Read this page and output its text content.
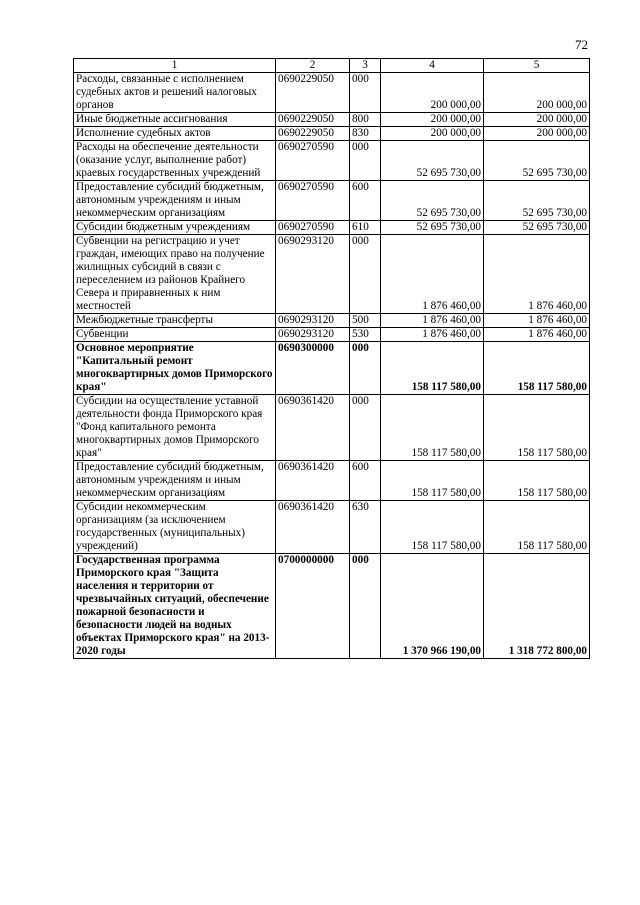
72
1	2	3	4	5
Расходы, связанные с исполнением судебных актов и решений налоговых органов	0690229050	000	200 000,00	200 000,00
Иные бюджетные ассигнования	0690229050	800	200 000,00	200 000,00
Исполнение судебных актов	0690229050	830	200 000,00	200 000,00
Расходы на обеспечение деятельности (оказание услуг, выполнение работ) краевых государственных учреждений	0690270590	000	52 695 730,00	52 695 730,00
Предоставление субсидий бюджетным, автономным учреждениям и иным некоммерческим организациям	0690270590	600	52 695 730,00	52 695 730,00
Субсидии бюджетным учреждениям	0690270590	610	52 695 730,00	52 695 730,00
Субвенции на регистрацию и учет граждан, имеющих право на получение жилищных субсидий в связи с переселением из районов Крайнего Севера и приравненных к ним местностей	0690293120	000	1 876 460,00	1 876 460,00
Межбюджетные трансферты	0690293120	500	1 876 460,00	1 876 460,00
Субвенции	0690293120	530	1 876 460,00	1 876 460,00
Основное мероприятие "Капитальный ремонт многоквартирных домов Приморского края"	0690300000	000	158 117 580,00	158 117 580,00
Субсидии на осуществление уставной деятельности фонда Приморского края "Фонд капитального ремонта многоквартирных домов Приморского края"	0690361420	000	158 117 580,00	158 117 580,00
Предоставление субсидий бюджетным, автономным учреждениям и иным некоммерческим организациям	0690361420	600	158 117 580,00	158 117 580,00
Субсидии некоммерческим организациям (за исключением государственных (муниципальных) учреждений)	0690361420	630	158 117 580,00	158 117 580,00
Государственная программа Приморского края "Защита населения и территории от чрезвычайных ситуаций, обеспечение пожарной безопасности и безопасности людей на водных объектах Приморского края" на 2013-2020 годы	0700000000	000	1 370 966 190,00	1 318 772 800,00
